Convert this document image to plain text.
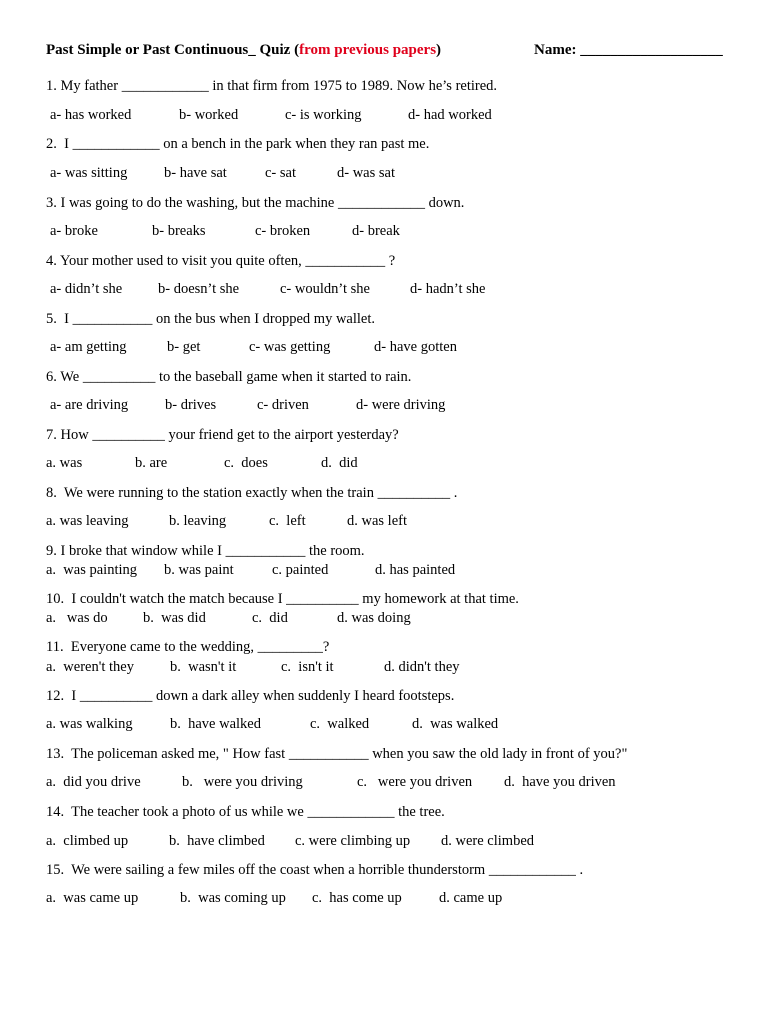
Past Simple or Past Continuous_ Quiz (from previous papers)	Name: ___________________
1. My father ____________ in that firm from 1975 to 1989. Now he’s retired.
a- has worked	b- worked	c- is working	d- had worked
2.  I ____________ on a bench in the park when they ran past me.
a- was sitting	b- have sat	c- sat	d- was sat
3. I was going to do the washing, but the machine ____________ down.
a- broke	b- breaks	c- broken	d- break
4. Your mother used to visit you quite often, ___________ ?
a- didn’t she b- doesn’t she	c- wouldn’t she	d- hadn’t she
5.  I ___________ on the bus when I dropped my wallet.
a- am getting	b- get	c- was getting	d- have gotten
6. We __________ to the baseball game when it started to rain.
a- are driving	b- drives	c- driven	d- were driving
7. How __________ your friend get to the airport yesterday?
a. was	b. are	c.  does	d.  did
8.  We were running to the station exactly when the train __________ .
a. was leaving	b. leaving	c.  left	d. was left
9. I broke that window while I ___________ the room.
a.  was painting b. was paint	c. painted	d. has painted
10.  I couldn't watch the match because I __________ my homework at that time.
a.   was do b.  was did	c.  did	d. was doing
11.  Everyone came to the wedding, _________?
a.  weren't they b.  wasn't it	c.  isn't it	d. didn't they
12.  I __________ down a dark alley when suddenly I heard footsteps.
a. was walking	b.  have walked	c.  walked	d.  was walked
13.  The policeman asked me, " How fast ___________ when you saw the old lady in front of you?"
a.  did you drive	b.   were you driving	c.   were you driven d.  have you driven
14.  The teacher took a photo of us while we ____________ the tree.
a.  climbed up	b.  have climbed c. were climbing up d. were climbed
15.  We were sailing a few miles off the coast when a horrible thunderstorm ____________ .
a.  was came up	b.  was coming up c.  has come up	d. came up
